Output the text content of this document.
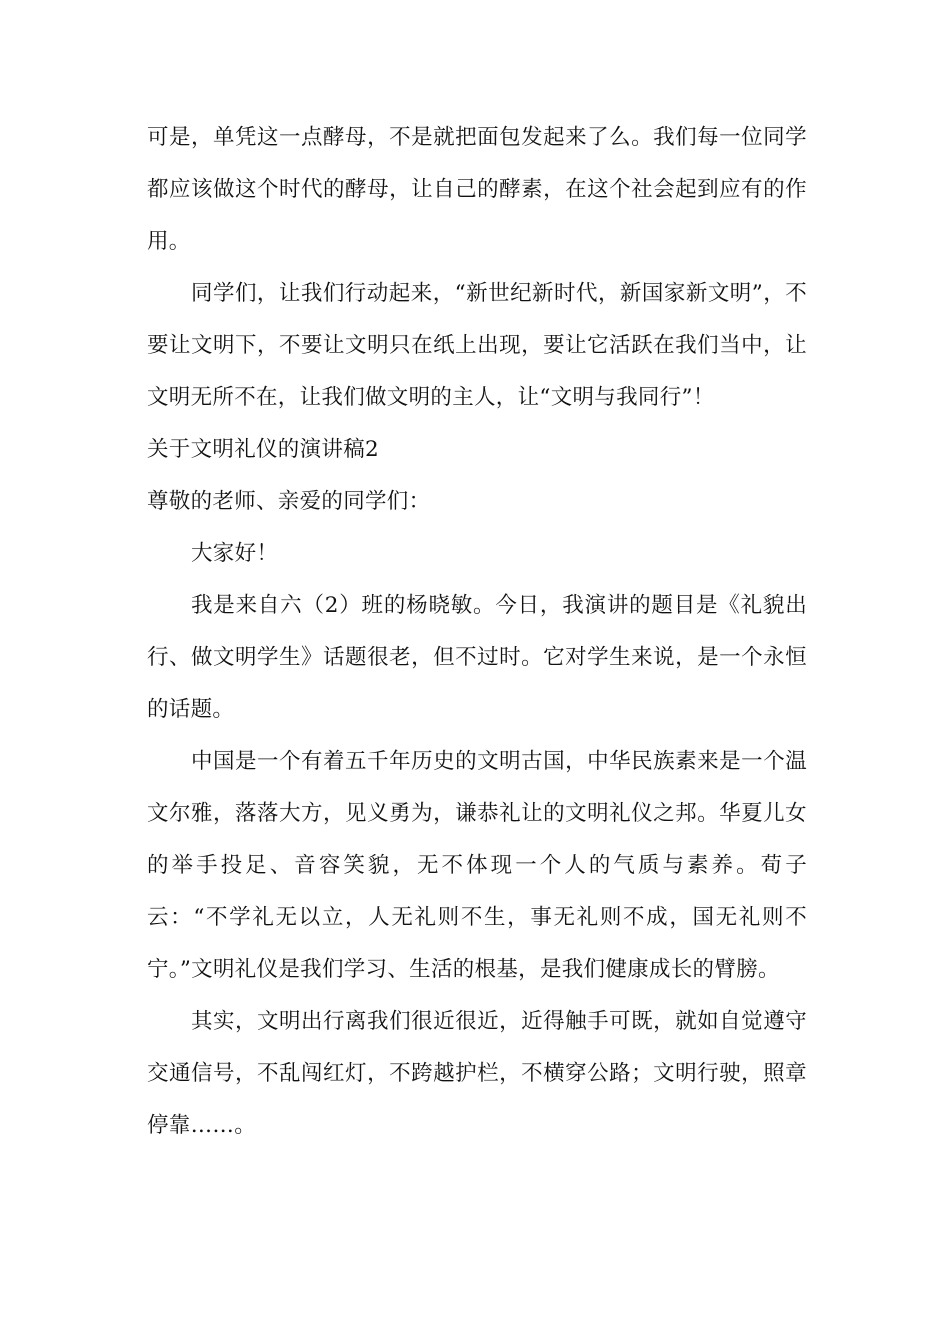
可是，单凭这一点酵母，不是就把面包发起来了么。我们每一位同学都应该做这个时代的酵母，让自己的酵素，在这个社会起到应有的作用。

同学们，让我们行动起来，“新世纪新时代，新国家新文明”，不要让文明下，不要让文明只在纸上出现，要让它活跃在我们当中，让文明无所不在，让我们做文明的主人，让“文明与我同行”！

关于文明礼仪的演讲稿2

尊敬的老师、亲爱的同学们：

大家好！

我是来自六（2）班的杨晓敏。今日，我演讲的题目是《礼貌出行、做文明学生》话题很老，但不过时。它对学生来说，是一个永恒的话题。

中国是一个有着五千年历史的文明古国，中华民族素来是一个温文尔雅，落落大方，见义勇为，谦恭礼让的文明礼仪之邦。华夏儿女的举手投足、音容笑貌，无不体现一个人的气质与素养。荀子云：“不学礼无以立，人无礼则不生，事无礼则不成，国无礼则不宁。”文明礼仪是我们学习、生活的根基，是我们健康成长的臂膀。

其实，文明出行离我们很近很近，近得触手可既，就如自觉遵守交通信号，不乱闯红灯，不跨越护栏，不横穿公路；文明行驶，照章停靠……。
